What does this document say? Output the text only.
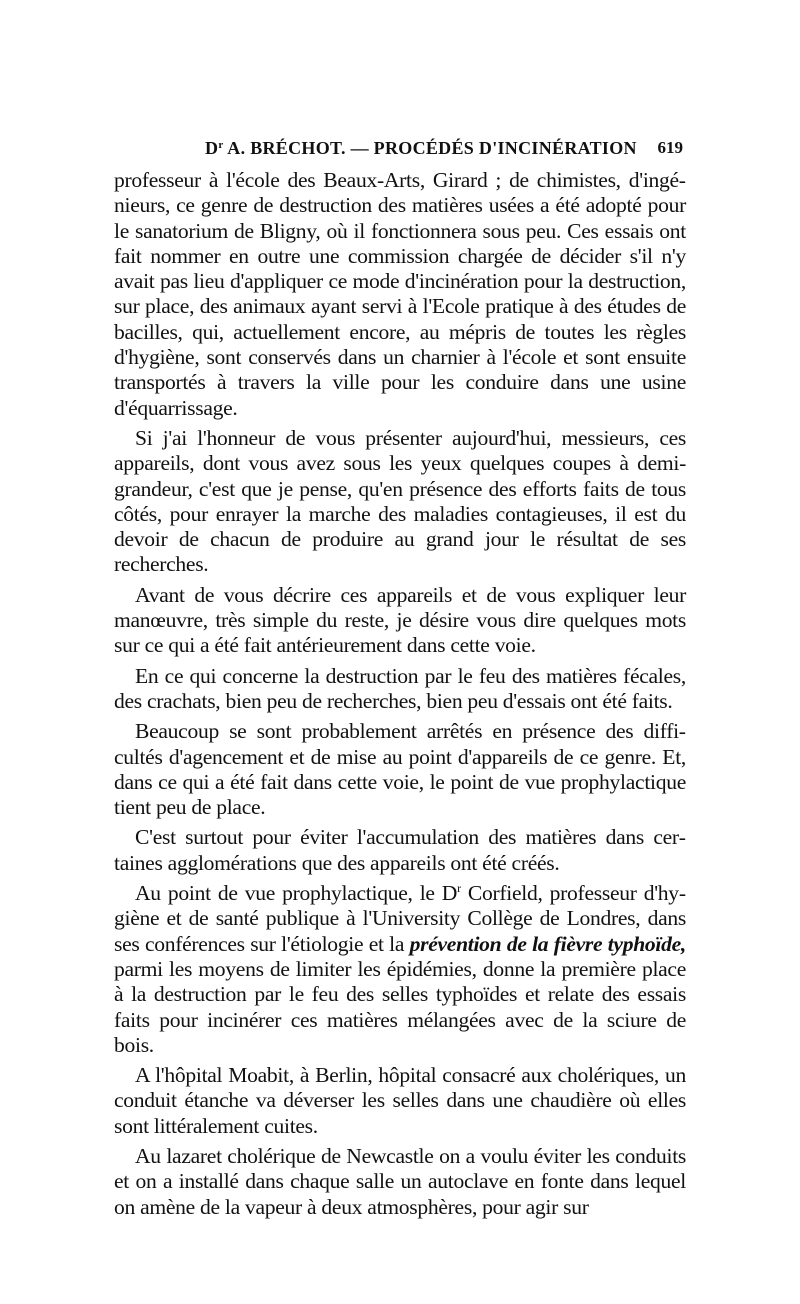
$D^r$ A. BRÉCHOT. — PROCÉDÉS D'INCINÉRATION 619

professeur à l'école des Beaux-Arts, Girard ; de chimistes, d'ingénieurs, ce genre de destruction des matières usées a été adopté pour le sanatorium de Bligny, où il fonctionnera sous peu. Ces essais ont fait nommer en outre une commission chargée de décider s'il n'y avait pas lieu d'appliquer ce mode d'incinération pour la destruction, sur place, des animaux ayant servi à l'Ecole pratique à des études de bacilles, qui, actuellement encore, au mépris de toutes les règles d'hygiène, sont conservés dans un charnier à l'école et sont ensuite transportés à travers la ville pour les conduire dans une usine d'équarrissage.

Si j'ai l'honneur de vous présenter aujourd'hui, messieurs, ces appareils, dont vous avez sous les yeux quelques coupes à demi-grandeur, c'est que je pense, qu'en présence des efforts faits de tous côtés, pour enrayer la marche des maladies contagieuses, il est du devoir de chacun de produire au grand jour le résultat de ses recherches.

Avant de vous décrire ces appareils et de vous expliquer leur manœuvre, très simple du reste, je désire vous dire quelques mots sur ce qui a été fait antérieurement dans cette voie.

En ce qui concerne la destruction par le feu des matières fécales, des crachats, bien peu de recherches, bien peu d'essais ont été faits.

Beaucoup se sont probablement arrêtés en présence des difficultés d'agencement et de mise au point d'appareils de ce genre. Et, dans ce qui a été fait dans cette voie, le point de vue prophylactique tient peu de place.

C'est surtout pour éviter l'accumulation des matières dans certaines agglomérations que des appareils ont été créés.

Au point de vue prophylactique, le $D^r$ Corfield, professeur d'hygiène et de santé publique à l'University Collège de Londres, dans ses conférences sur l'étiologie et la prévention de la fièvre typhoïde, parmi les moyens de limiter les épidémies, donne la première place à la destruction par le feu des selles typhoïdes et relate des essais faits pour incinérer ces matières mélangées avec de la sciure de bois.

A l'hôpital Moabit, à Berlin, hôpital consacré aux cholériques, un conduit étanche va déverser les selles dans une chaudière où elles sont littéralement cuites.

Au lazaret cholérique de Newcastle on a voulu éviter les conduits et on a installé dans chaque salle un autoclave en fonte dans lequel on amène de la vapeur à deux atmosphères, pour agir sur
